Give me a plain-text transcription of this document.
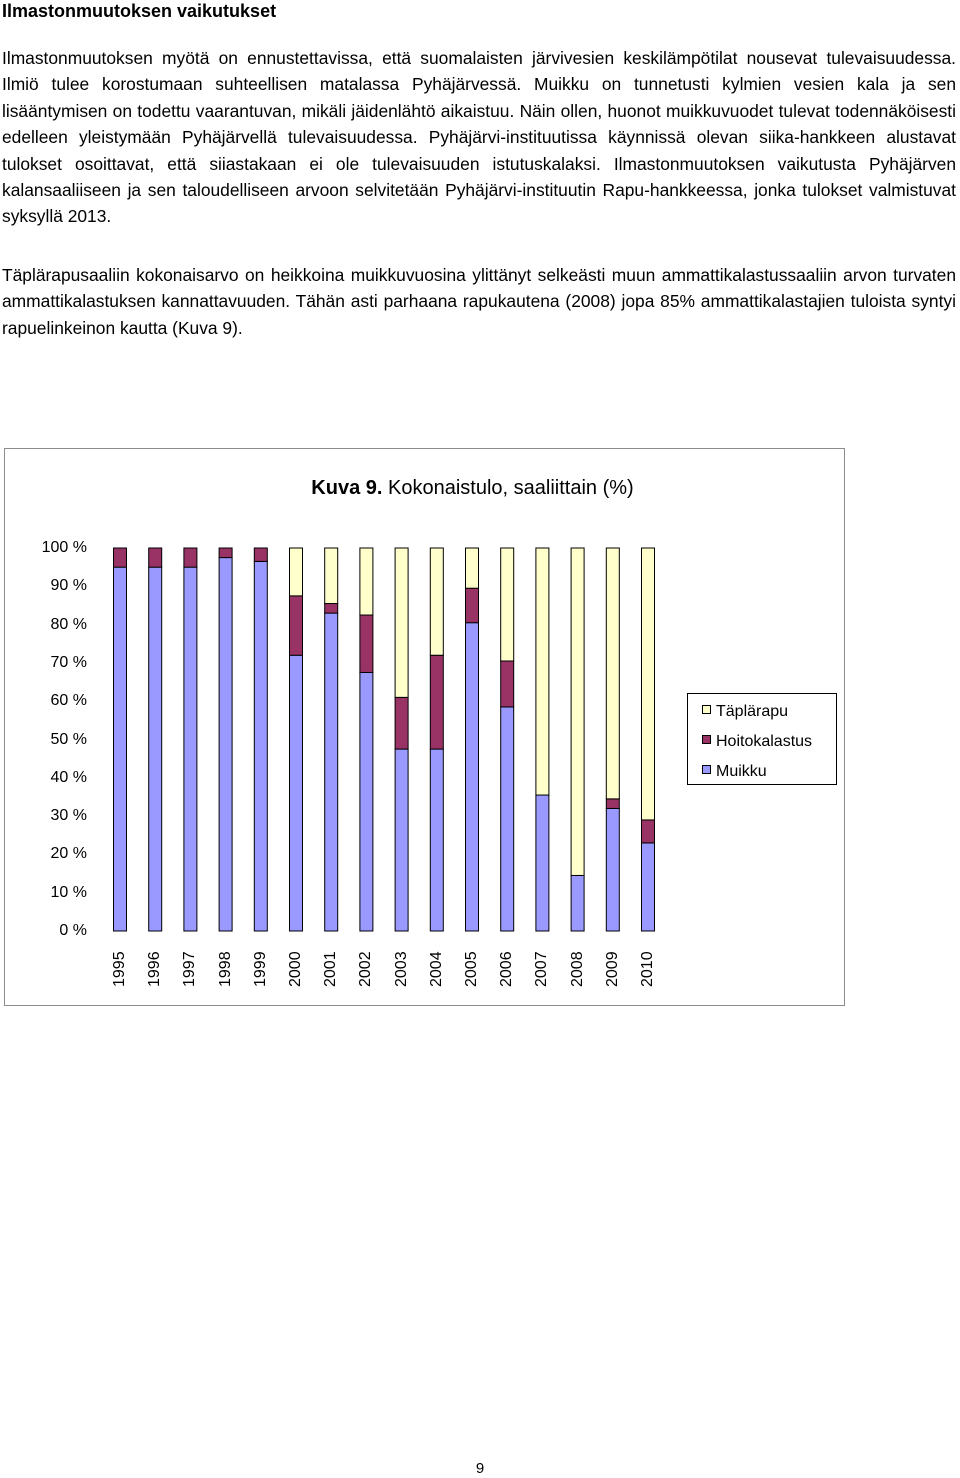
Ilmastonmuutoksen vaikutukset

Ilmastonmuutoksen myötä on ennustettavissa, että suomalaisten järvivesien keskilämpötilat nousevat tulevaisuudessa. Ilmiö tulee korostumaan suhteellisen matalassa Pyhäjärvessä. Muikku on tunnetusti kylmien vesien kala ja sen lisääntymisen on todettu vaarantuvan, mikäli jäidenlähtö aikaistuu. Näin ollen, huonot muikkuvuodet tulevat todennäköisesti edelleen yleistymään Pyhäjärvellä tulevaisuudessa. Pyhäjärvi-instituutissa käynnissä olevan siika-hankkeen alustavat tulokset osoittavat, että siiastakaan ei ole tulevaisuuden istutuskalaksi. Ilmastonmuutoksen vaikutusta Pyhäjärven kalansaaliiseen ja sen taloudelliseen arvoon selvitetään Pyhäjärvi-instituutin Rapu-hankkeessa, jonka tulokset valmistuvat syksyllä 2013.

Täplärapusaaliin kokonaisarvo on heikkoina muikkuvuosina ylittänyt selkeästi muun ammattikalastussaaliin arvon turvaten ammattikalastuksen kannattavuuden. Tähän asti parhaana rapukautena (2008) jopa 85% ammattikalastajien tuloista syntyi rapuelinkeinon kautta (Kuva 9).

Kuva 9. Kokonaistulo, saaliittain (%)
0 %
10 %
20 %
30 %
40 %
50 %
60 %
70 %
80 %
90 %
100 %
1995 1996 1997 1998 1999 2000 2001 2002 2003 2004 2005 2006 2007 2008 2009 2010
Täplärapu
Hoitokalastus
Muikku
9
